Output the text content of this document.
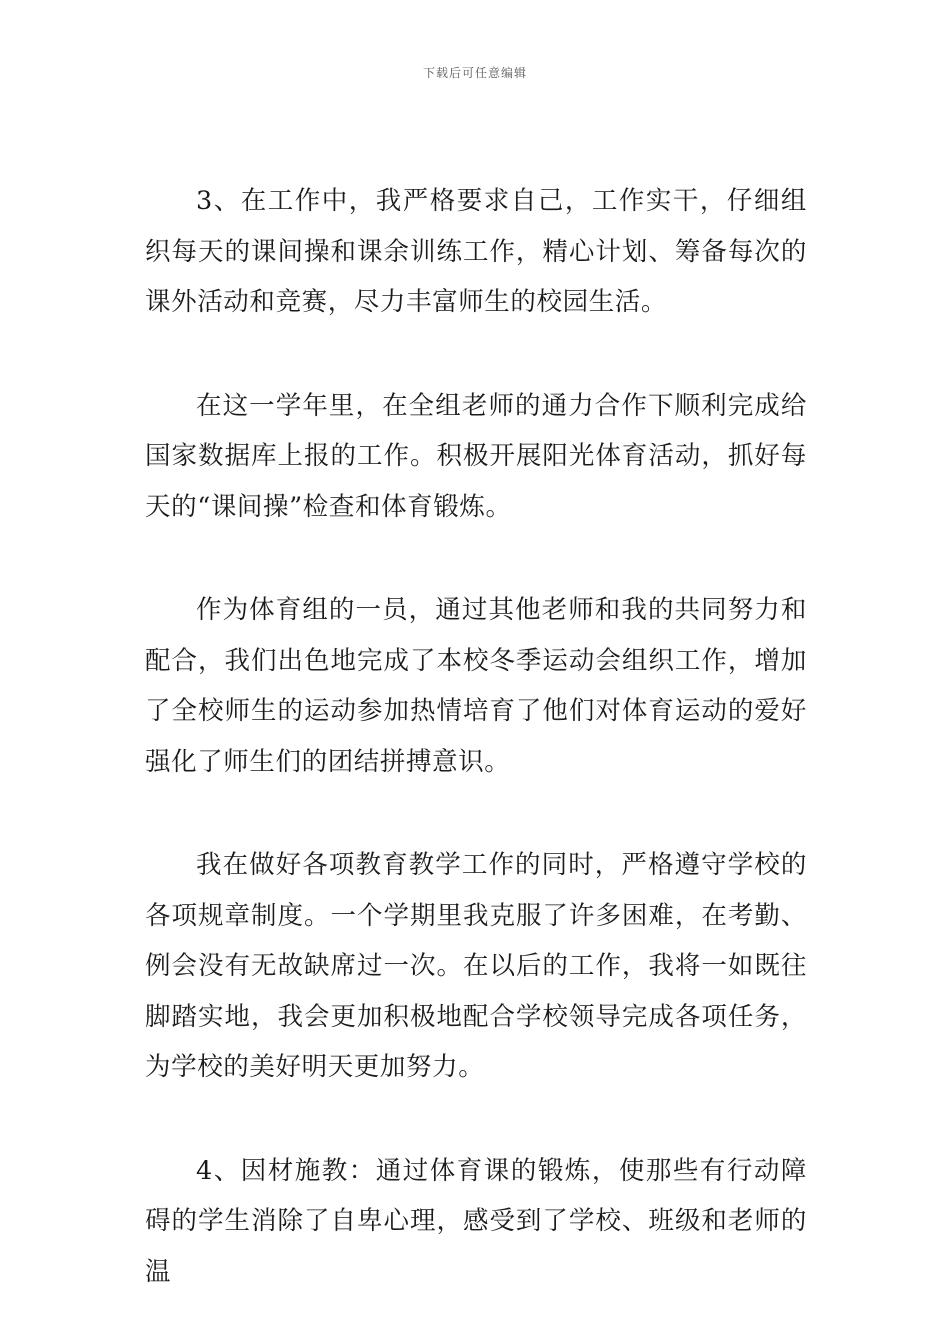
下载后可任意编辑

3、在工作中，我严格要求自己，工作实干，仔细组织每天的课间操和课余训练工作，精心计划、筹备每次的课外活动和竞赛，尽力丰富师生的校园生活。

在这一学年里，在全组老师的通力合作下顺利完成给国家数据库上报的工作。积极开展阳光体育活动，抓好每天的“课间操”检查和体育锻炼。

作为体育组的一员，通过其他老师和我的共同努力和配合，我们出色地完成了本校冬季运动会组织工作，增加了全校师生的运动参加热情培育了他们对体育运动的爱好强化了师生们的团结拼搏意识。

我在做好各项教育教学工作的同时，严格遵守学校的各项规章制度。一个学期里我克服了许多困难，在考勤、例会没有无故缺席过一次。在以后的工作，我将一如既往脚踏实地，我会更加积极地配合学校领导完成各项任务，为学校的美好明天更加努力。

4、因材施教：通过体育课的锻炼，使那些有行动障碍的学生消除了自卑心理，感受到了学校、班级和老师的温
